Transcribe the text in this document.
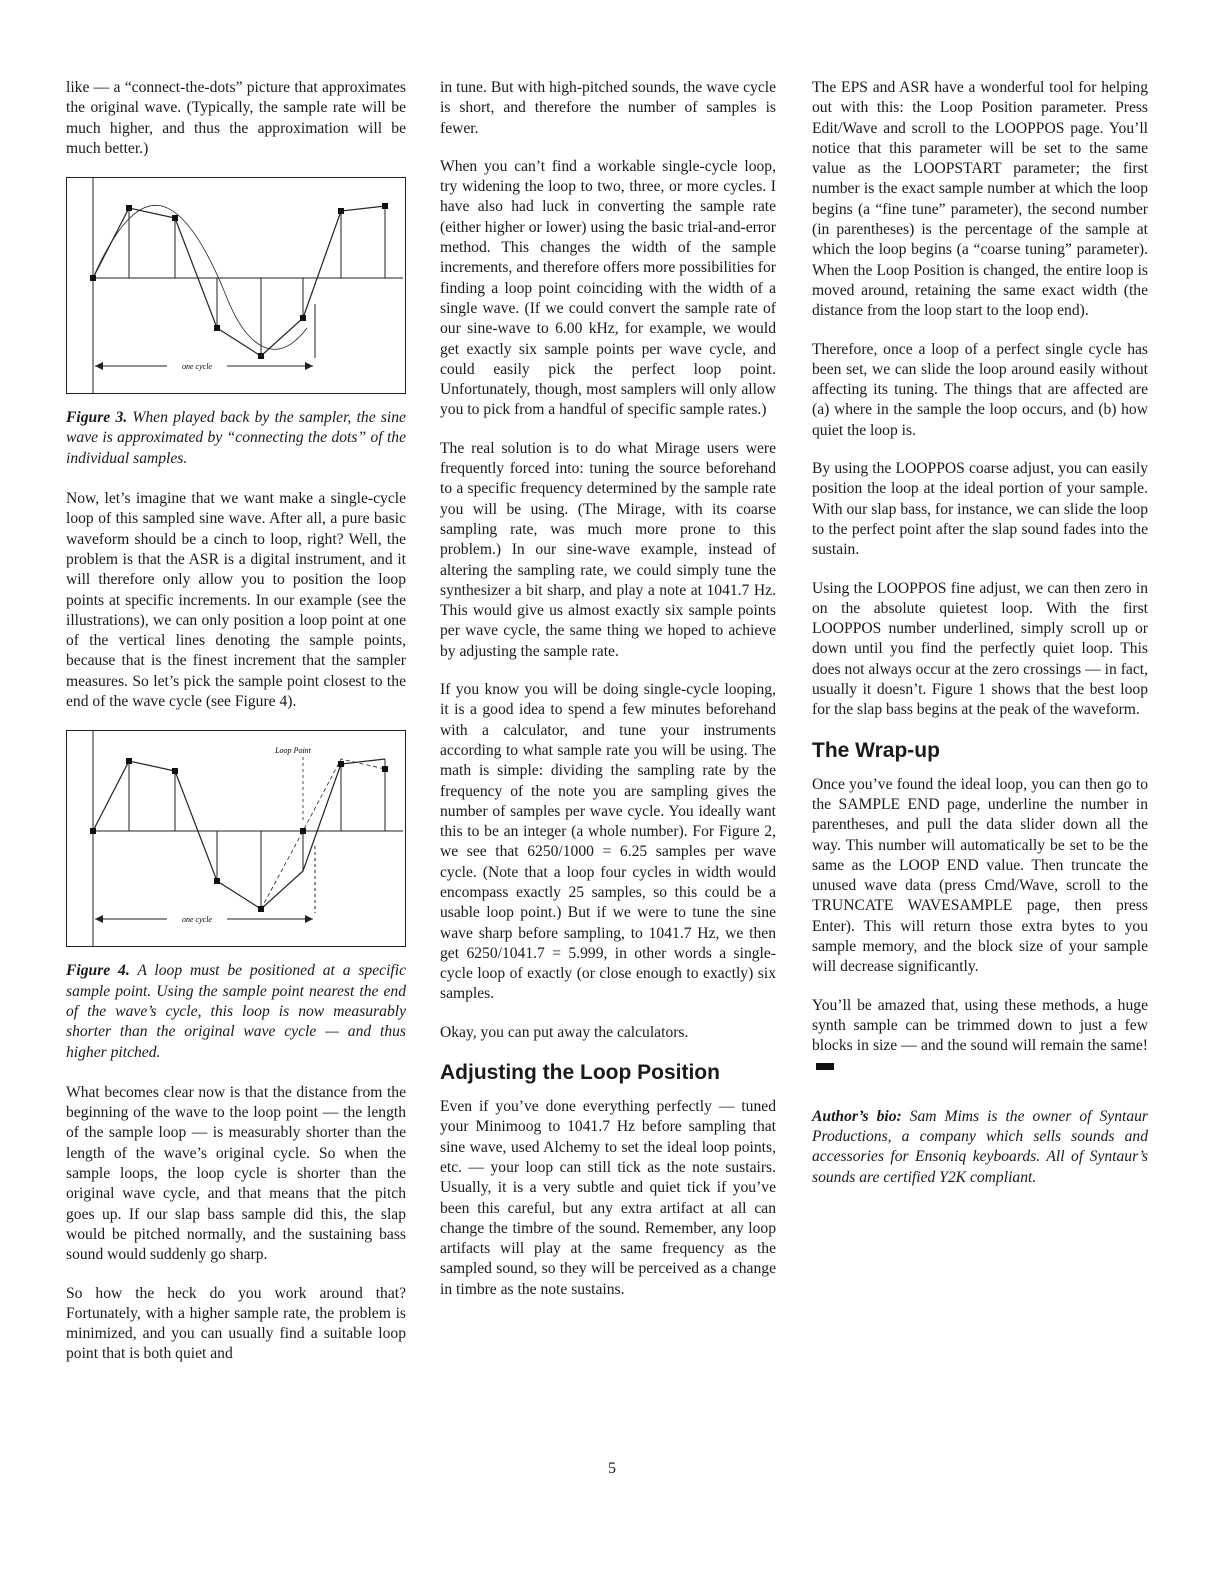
like — a “connect-the-dots” picture that approximates the original wave. (Typically, the sample rate will be much higher, and thus the approximation will be much better.)

one cycle

Figure 3. When played back by the sampler, the sine wave is approximated by “connecting the dots” of the individual samples.

Now, let’s imagine that we want make a single-cycle loop of this sampled sine wave. After all, a pure basic waveform should be a cinch to loop, right? Well, the problem is that the ASR is a digital instrument, and it will therefore only allow you to position the loop points at specific increments. In our example (see the illustrations), we can only position a loop point at one of the vertical lines denoting the sample points, because that is the finest increment that the sampler measures. So let’s pick the sample point closest to the end of the wave cycle (see Figure 4).

Loop Point
one cycle

Figure 4. A loop must be positioned at a specific sample point. Using the sample point nearest the end of the wave’s cycle, this loop is now measurably shorter than the original wave cycle — and thus higher pitched.

What becomes clear now is that the distance from the beginning of the wave to the loop point — the length of the sample loop — is measurably shorter than the length of the wave’s original cycle. So when the sample loops, the loop cycle is shorter than the original wave cycle, and that means that the pitch goes up. If our slap bass sample did this, the slap would be pitched normally, and the sustaining bass sound would suddenly go sharp.

So how the heck do you work around that? Fortunately, with a higher sample rate, the problem is minimized, and you can usually find a suitable loop point that is both quiet and

in tune. But with high-pitched sounds, the wave cycle is short, and therefore the number of samples is fewer.

When you can’t find a workable single-cycle loop, try widening the loop to two, three, or more cycles. I have also had luck in converting the sample rate (either higher or lower) using the basic trial-and-error method. This changes the width of the sample increments, and therefore offers more possibilities for finding a loop point coinciding with the width of a single wave. (If we could convert the sample rate of our sine-wave to 6.00 kHz, for example, we would get exactly six sample points per wave cycle, and could easily pick the perfect loop point. Unfortunately, though, most samplers will only allow you to pick from a handful of specific sample rates.)

The real solution is to do what Mirage users were frequently forced into: tuning the source beforehand to a specific frequency determined by the sample rate you will be using. (The Mirage, with its coarse sampling rate, was much more prone to this problem.) In our sine-wave example, instead of altering the sampling rate, we could simply tune the synthesizer a bit sharp, and play a note at 1041.7 Hz. This would give us almost exactly six sample points per wave cycle, the same thing we hoped to achieve by adjusting the sample rate.

If you know you will be doing single-cycle looping, it is a good idea to spend a few minutes beforehand with a calculator, and tune your instruments according to what sample rate you will be using. The math is simple: dividing the sampling rate by the frequency of the note you are sampling gives the number of samples per wave cycle. You ideally want this to be an integer (a whole number). For Figure 2, we see that 6250/1000 = 6.25 samples per wave cycle. (Note that a loop four cycles in width would encompass exactly 25 samples, so this could be a usable loop point.) But if we were to tune the sine wave sharp before sampling, to 1041.7 Hz, we then get 6250/1041.7 = 5.999, in other words a single-cycle loop of exactly (or close enough to exactly) six samples.

Okay, you can put away the calculators.

Adjusting the Loop Position

Even if you’ve done everything perfectly — tuned your Minimoog to 1041.7 Hz before sampling that sine wave, used Alchemy to set the ideal loop points, etc. — your loop can still tick as the note sustairs. Usually, it is a very subtle and quiet tick if you’ve been this careful, but any extra artifact at all can change the timbre of the sound. Remember, any loop artifacts will play at the same frequency as the sampled sound, so they will be perceived as a change in timbre as the note sustains.

The EPS and ASR have a wonderful tool for helping out with this: the Loop Position parameter. Press Edit/Wave and scroll to the LOOPPOS page. You’ll notice that this parameter will be set to the same value as the LOOPSTART parameter; the first number is the exact sample number at which the loop begins (a “fine tune” parameter), the second number (in parentheses) is the percentage of the sample at which the loop begins (a “coarse tuning” parameter). When the Loop Position is changed, the entire loop is moved around, retaining the same exact width (the distance from the loop start to the loop end).

Therefore, once a loop of a perfect single cycle has been set, we can slide the loop around easily without affecting its tuning. The things that are affected are (a) where in the sample the loop occurs, and (b) how quiet the loop is.

By using the LOOPPOS coarse adjust, you can easily position the loop at the ideal portion of your sample. With our slap bass, for instance, we can slide the loop to the perfect point after the slap sound fades into the sustain.

Using the LOOPPOS fine adjust, we can then zero in on the absolute quietest loop. With the first LOOPPOS number underlined, simply scroll up or down until you find the perfectly quiet loop. This does not always occur at the zero crossings — in fact, usually it doesn’t. Figure 1 shows that the best loop for the slap bass begins at the peak of the waveform.

The Wrap-up

Once you’ve found the ideal loop, you can then go to the SAMPLE END page, underline the number in parentheses, and pull the data slider down all the way. This number will automatically be set to be the same as the LOOP END value. Then truncate the unused wave data (press Cmd/Wave, scroll to the TRUNCATE WAVESAMPLE page, then press Enter). This will return those extra bytes to you sample memory, and the block size of your sample will decrease significantly.

You’ll be amazed that, using these methods, a huge synth sample can be trimmed down to just a few blocks in size — and the sound will remain the same!

Author’s bio: Sam Mims is the owner of Syntaur Productions, a company which sells sounds and accessories for Ensoniq keyboards. All of Syntaur’s sounds are certified Y2K compliant.

5
